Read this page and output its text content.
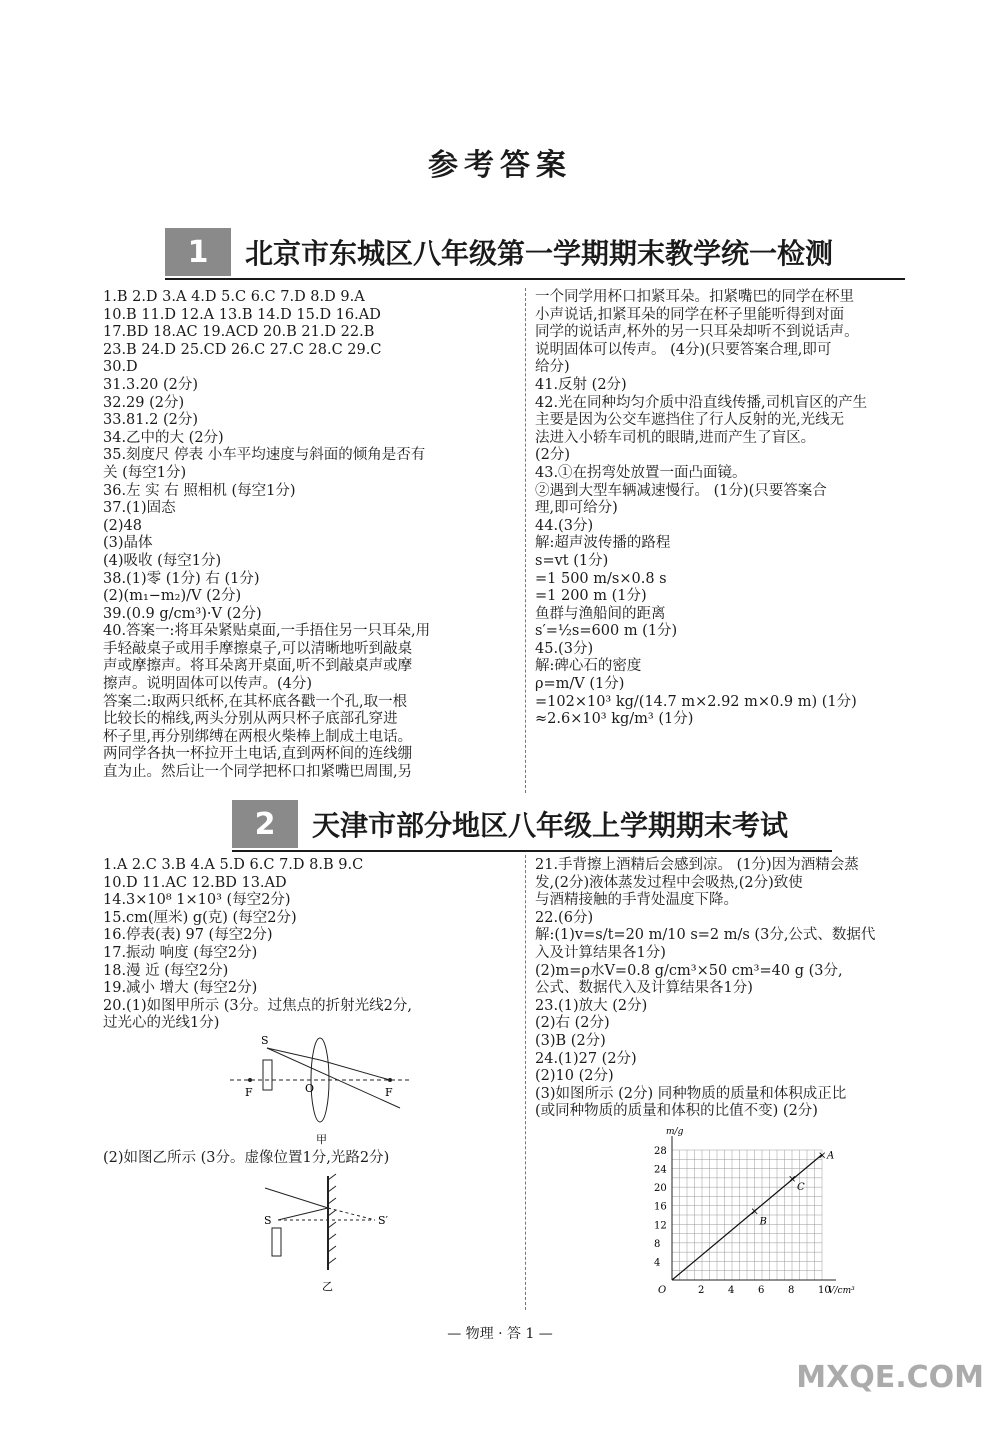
参考答案
1	北京市东城区八年级第一学期期末教学统一检测
1.B 2.D 3.A 4.D 5.C 6.C 7.D 8.D 9.A
10.B 11.D 12.A 13.B 14.D 15.D 16.AD
17.BD 18.AC 19.ACD 20.B 21.D 22.B
23.B 24.D 25.CD 26.C 27.C 28.C 29.C
30.D
31.3.20 (2分)
32.29 (2分)
33.81.2 (2分)
34.乙中的大 (2分)
35.刻度尺 停表 小车平均速度与斜面的倾角是否有
关 (每空1分)
36.左 实 右 照相机 (每空1分)
37.(1)固态
(2)48
(3)晶体
(4)吸收 (每空1分)
38.(1)零 (1分) 右 (1分)
(2)(m₁−m₂)/V (2分)
39.(0.9 g/cm³)·V (2分)
40.答案一:将耳朵紧贴桌面,一手捂住另一只耳朵,用
手轻敲桌子或用手摩擦桌子,可以清晰地听到敲桌
声或摩擦声。将耳朵离开桌面,听不到敲桌声或摩
擦声。说明固体可以传声。(4分)
答案二:取两只纸杯,在其杯底各戳一个孔,取一根
比较长的棉线,两头分别从两只杯子底部孔穿进
杯子里,再分别绑缚在两根火柴棒上制成土电话。
两同学各执一杯拉开土电话,直到两杯间的连线绷
直为止。然后让一个同学把杯口扣紧嘴巴周围,另
一个同学用杯口扣紧耳朵。扣紧嘴巴的同学在杯里
小声说话,扣紧耳朵的同学在杯子里能听得到对面
同学的说话声,杯外的另一只耳朵却听不到说话声。
说明固体可以传声。 (4分)(只要答案合理,即可
给分)
41.反射 (2分)
42.光在同种均匀介质中沿直线传播,司机盲区的产生
主要是因为公交车遮挡住了行人反射的光,光线无
法进入小轿车司机的眼睛,进而产生了盲区。
(2分)
43.①在拐弯处放置一面凸面镜。
②遇到大型车辆减速慢行。 (1分)(只要答案合
理,即可给分)
44.(3分)
解:超声波传播的路程
s=vt (1分)
=1 500 m/s×0.8 s
=1 200 m (1分)
鱼群与渔船间的距离
s′=½s=600 m (1分)
45.(3分)
解:碑心石的密度
ρ=m/V (1分)
=102×10³ kg/(14.7 m×2.92 m×0.9 m) (1分)
≈2.6×10³ kg/m³ (1分)
2	天津市部分地区八年级上学期期末考试
1.A 2.C 3.B 4.A 5.D 6.C 7.D 8.B 9.C
10.D 11.AC 12.BD 13.AD
14.3×10⁸ 1×10³ (每空2分)
15.cm(厘米) g(克) (每空2分)
16.停表(表) 97 (每空2分)
17.振动 响度 (每空2分)
18.漫 近 (每空2分)
19.减小 增大 (每空2分)
20.(1)如图甲所示 (3分。过焦点的折射光线2分,
过光心的光线1分)
21.手背擦上酒精后会感到凉。 (1分)因为酒精会蒸
发,(2分)液体蒸发过程中会吸热,(2分)致使
与酒精接触的手背处温度下降。
22.(6分)
解:(1)v=s/t=20 m/10 s=2 m/s (3分,公式、数据代
入及计算结果各1分)
(2)m=ρ水V=0.8 g/cm³×50 cm³=40 g (3分,
公式、数据代入及计算结果各1分)
23.(1)放大 (2分)
(2)右 (2分)
(3)B (2分)
24.(1)27 (2分)
(2)10 (2分)
(3)如图所示 (2分) 同种物质的质量和体积成正比
(或同种物质的质量和体积的比值不变) (2分)
S
F	O	F
甲
S	S′
乙	2 4 6 8 10
4
8
12
16
20
24
28
O	V/cm³
m/g
×
B
×
C
× A
— 物理 · 答 1 —
MXQE.COM
(2)如图乙所示 (3分。虚像位置1分,光路2分)
